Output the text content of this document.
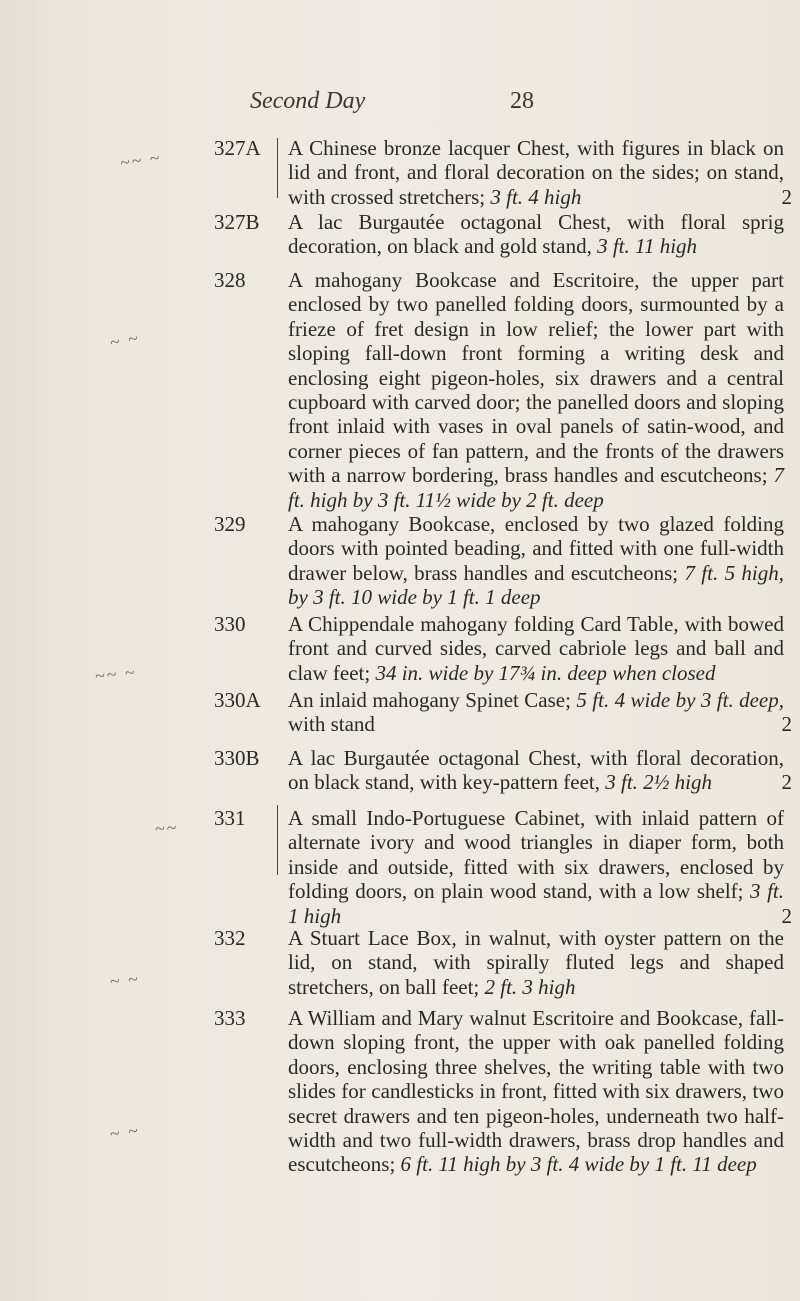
Second Day	28
327A	A Chinese bronze lacquer Chest, with figures in black on lid and front, and floral decoration on the sides; on stand, with crossed stretchers; 3 ft. 4 high	2
327B	A lac Burgautée octagonal Chest, with floral sprig decoration, on black and gold stand, 3 ft. 11 high
328	A mahogany Bookcase and Escritoire, the upper part enclosed by two panelled folding doors, surmounted by a frieze of fret design in low relief; the lower part with sloping fall-down front forming a writing desk and enclosing eight pigeon-holes, six drawers and a central cupboard with carved door; the panelled doors and sloping front inlaid with vases in oval panels of satin-wood, and corner pieces of fan pattern, and the fronts of the drawers with a narrow bordering, brass handles and escutcheons; 7 ft. high by 3 ft. 11½ wide by 2 ft. deep
329	A mahogany Bookcase, enclosed by two glazed folding doors with pointed beading, and fitted with one full-width drawer below, brass handles and escutcheons; 7 ft. 5 high, by 3 ft. 10 wide by 1 ft. 1 deep
330	A Chippendale mahogany folding Card Table, with bowed front and curved sides, carved cabriole legs and ball and claw feet; 34 in. wide by 17¾ in. deep when closed
330A	An inlaid mahogany Spinet Case; 5 ft. 4 wide by 3 ft. deep, with stand	2
330B	A lac Burgautée octagonal Chest, with floral decoration, on black stand, with key-pattern feet, 3 ft. 2½ high	2
331	A small Indo-Portuguese Cabinet, with inlaid pattern of alternate ivory and wood triangles in diaper form, both inside and outside, fitted with six drawers, enclosed by folding doors, on plain wood stand, with a low shelf; 3 ft. 1 high	2
332	A Stuart Lace Box, in walnut, with oyster pattern on the lid, on stand, with spirally fluted legs and shaped stretchers, on ball feet; 2 ft. 3 high
333	A William and Mary walnut Escritoire and Bookcase, fall-down sloping front, the upper with oak panelled folding doors, enclosing three shelves, the writing table with two slides for candlesticks in front, fitted with six drawers, two secret drawers and ten pigeon-holes, underneath two half-width and two full-width drawers, brass drop handles and escutcheons; 6 ft. 11 high by 3 ft. 4 wide by 1 ft. 11 deep
~~ ~
~ ~
~~ ~
~~
~ ~
~ ~
